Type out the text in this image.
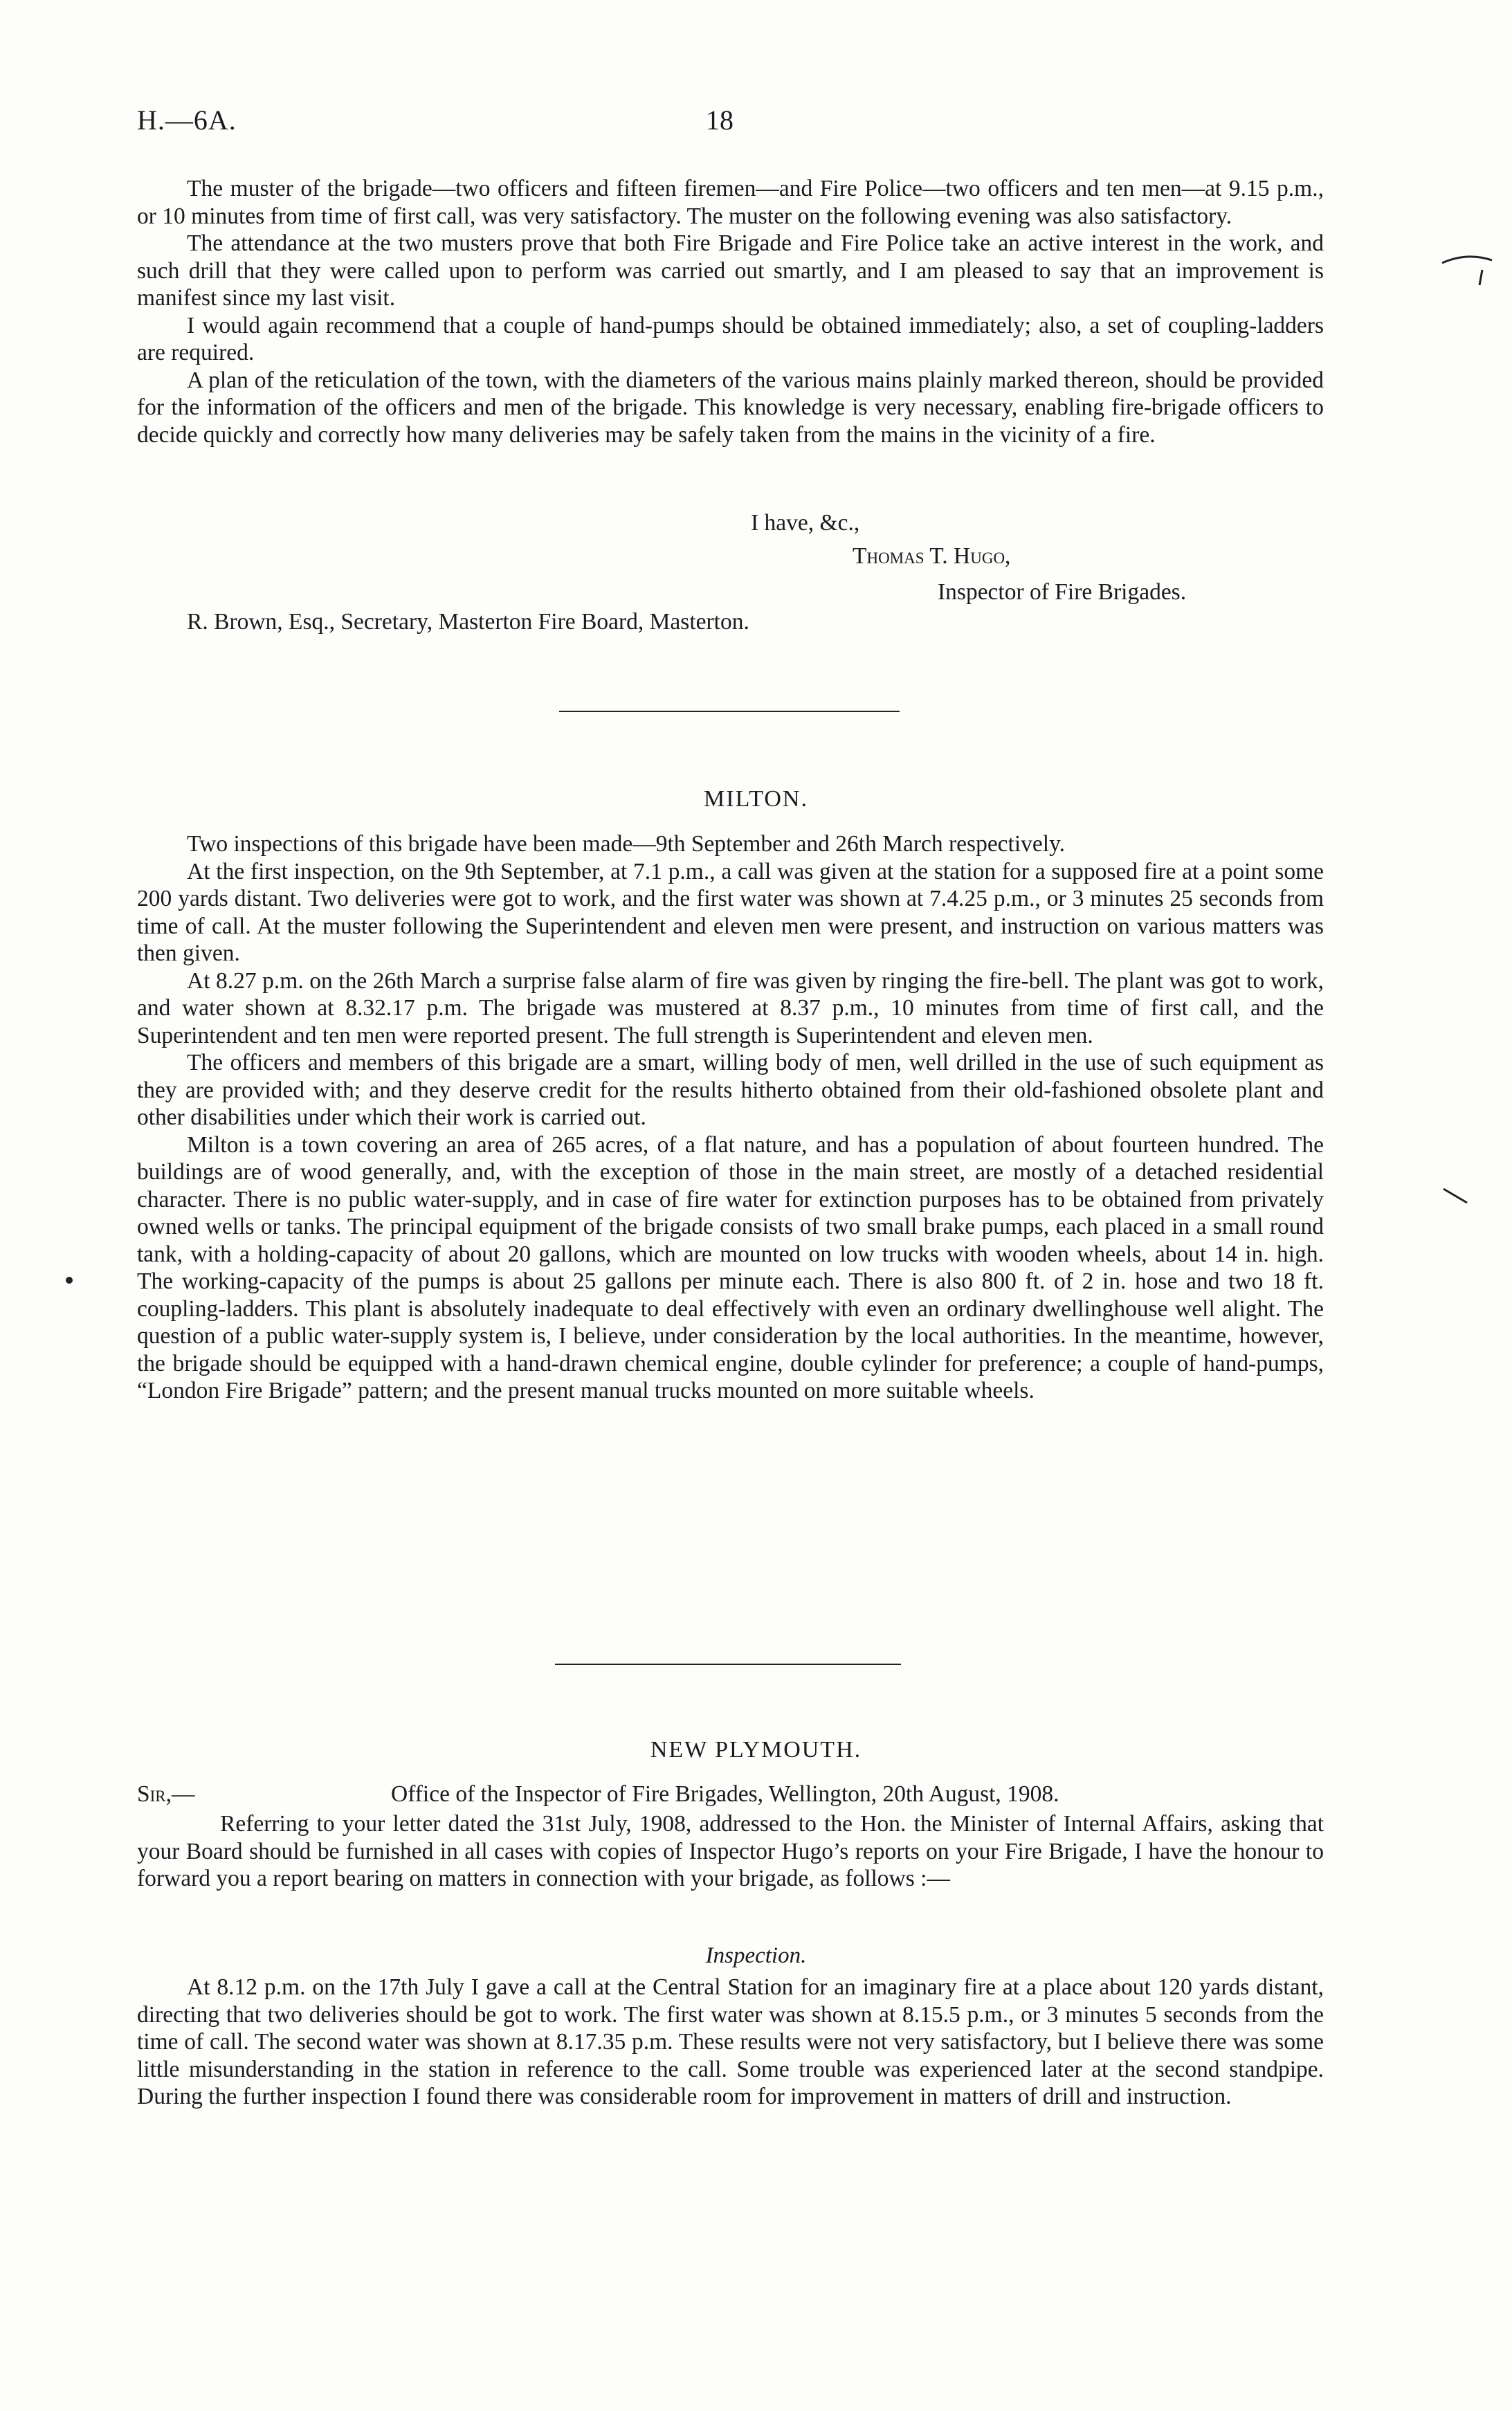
H.—6A.	18

The muster of the brigade—two officers and fifteen firemen—and Fire Police—two officers and ten men—at 9.15 p.m., or 10 minutes from time of first call, was very satisfactory. The muster on the following evening was also satisfactory.

The attendance at the two musters prove that both Fire Brigade and Fire Police take an active interest in the work, and such drill that they were called upon to perform was carried out smartly, and I am pleased to say that an improvement is manifest since my last visit.

I would again recommend that a couple of hand-pumps should be obtained immediately; also, a set of coupling-ladders are required.

A plan of the reticulation of the town, with the diameters of the various mains plainly marked thereon, should be provided for the information of the officers and men of the brigade. This knowledge is very necessary, enabling fire-brigade officers to decide quickly and correctly how many deliveries may be safely taken from the mains in the vicinity of a fire.

I have, &c.,
Thomas T. Hugo,
Inspector of Fire Brigades.
R. Brown, Esq., Secretary, Masterton Fire Board, Masterton.
MILTON.

Two inspections of this brigade have been made—9th September and 26th March respectively.

At the first inspection, on the 9th September, at 7.1 p.m., a call was given at the station for a supposed fire at a point some 200 yards distant. Two deliveries were got to work, and the first water was shown at 7.4.25 p.m., or 3 minutes 25 seconds from time of call. At the muster following the Superintendent and eleven men were present, and instruction on various matters was then given.

At 8.27 p.m. on the 26th March a surprise false alarm of fire was given by ringing the fire-bell. The plant was got to work, and water shown at 8.32.17 p.m. The brigade was mustered at 8.37 p.m., 10 minutes from time of first call, and the Superintendent and ten men were reported present. The full strength is Superintendent and eleven men.

The officers and members of this brigade are a smart, willing body of men, well drilled in the use of such equipment as they are provided with; and they deserve credit for the results hitherto obtained from their old-fashioned obsolete plant and other disabilities under which their work is carried out.

Milton is a town covering an area of 265 acres, of a flat nature, and has a population of about fourteen hundred. The buildings are of wood generally, and, with the exception of those in the main street, are mostly of a detached residential character. There is no public water-supply, and in case of fire water for extinction purposes has to be obtained from privately owned wells or tanks. The principal equipment of the brigade consists of two small brake pumps, each placed in a small round tank, with a holding-capacity of about 20 gallons, which are mounted on low trucks with wooden wheels, about 14 in. high. The working-capacity of the pumps is about 25 gallons per minute each. There is also 800 ft. of 2 in. hose and two 18 ft. coupling-ladders. This plant is absolutely inadequate to deal effectively with even an ordinary dwellinghouse well alight. The question of a public water-supply system is, I believe, under consideration by the local authorities. In the meantime, however, the brigade should be equipped with a hand-drawn chemical engine, double cylinder for preference; a couple of hand-pumps, “London Fire Brigade” pattern; and the present manual trucks mounted on more suitable wheels.

NEW PLYMOUTH.
Sir,—	Office of the Inspector of Fire Brigades, Wellington, 20th August, 1908.

Referring to your letter dated the 31st July, 1908, addressed to the Hon. the Minister of Internal Affairs, asking that your Board should be furnished in all cases with copies of Inspector Hugo’s reports on your Fire Brigade, I have the honour to forward you a report bearing on matters in connection with your brigade, as follows :—

Inspection.

At 8.12 p.m. on the 17th July I gave a call at the Central Station for an imaginary fire at a place about 120 yards distant, directing that two deliveries should be got to work. The first water was shown at 8.15.5 p.m., or 3 minutes 5 seconds from the time of call. The second water was shown at 8.17.35 p.m. These results were not very satisfactory, but I believe there was some little misunderstanding in the station in reference to the call. Some trouble was experienced later at the second standpipe. During the further inspection I found there was considerable room for improvement in matters of drill and instruction.
